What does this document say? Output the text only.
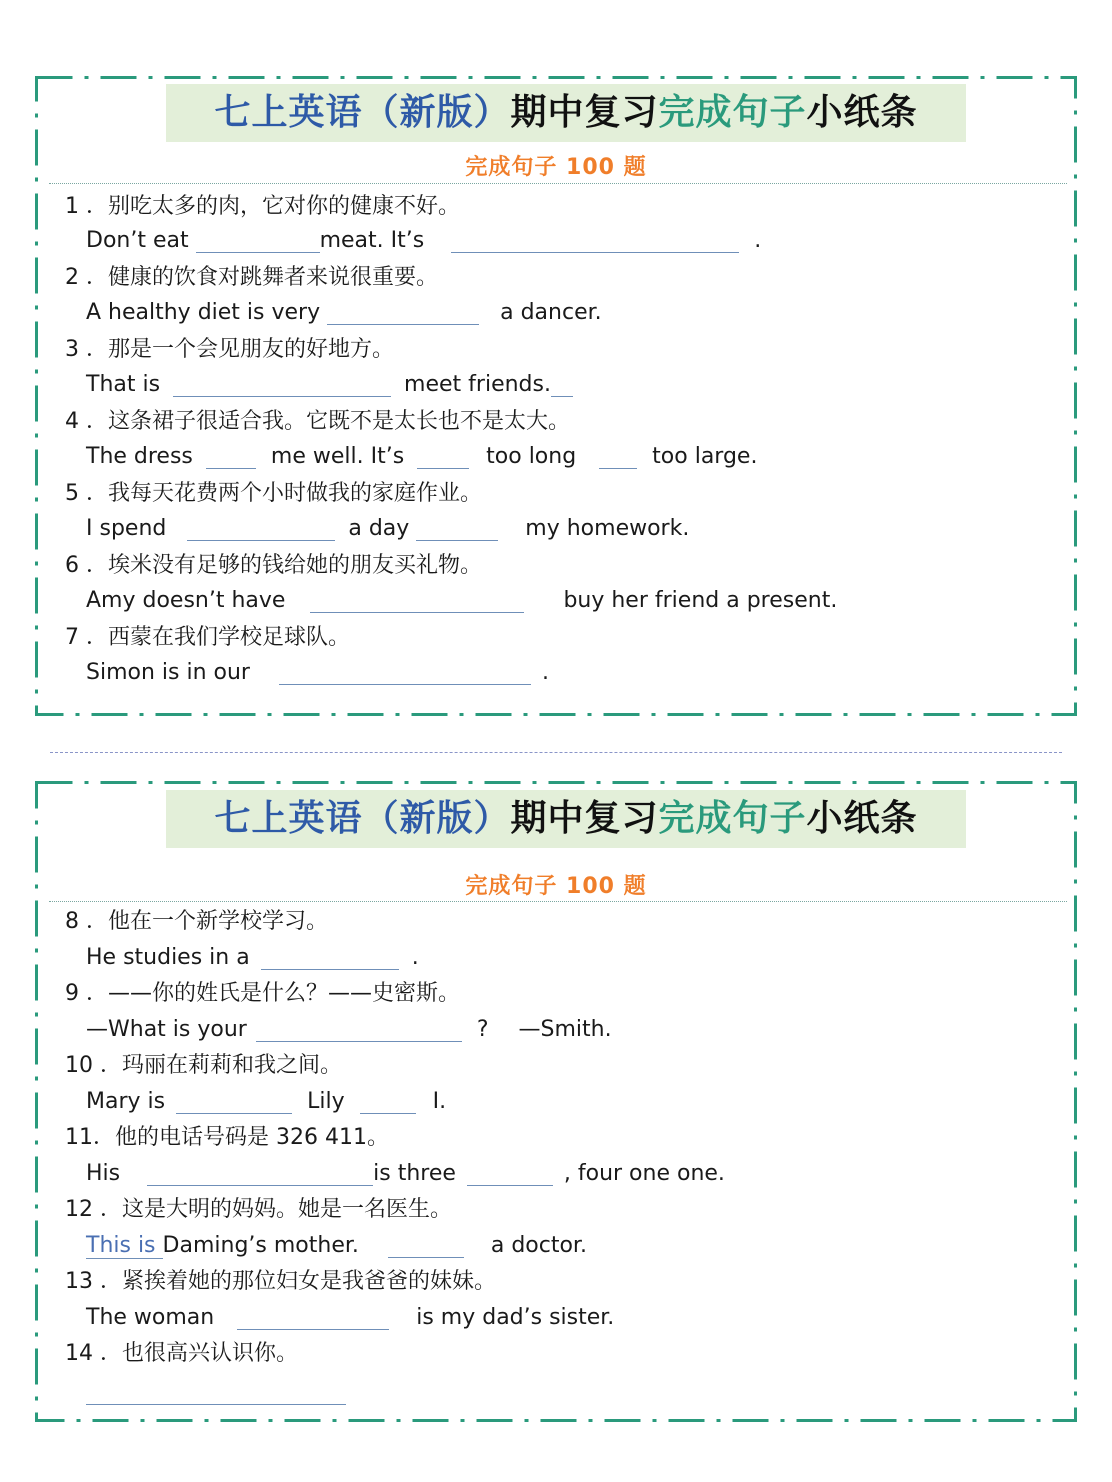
七上英语（新版）期中复习完成句子小纸条
完成句子 100 题
1 ．别吃太多的肉，它对你的健康不好。
Don’t eat	meat. It’s	.
2 ．健康的饮食对跳舞者来说很重要。
A healthy diet is very	a dancer.
3 ．那是一个会见朋友的好地方。
That is	meet friends.
4 ．这条裙子很适合我。它既不是太长也不是太大。
The dress	me well. It’s	too long	too large.
5 ．我每天花费两个小时做我的家庭作业。
I spend	a day	my homework.
6 ．埃米没有足够的钱给她的朋友买礼物。
Amy doesn’t have	buy her friend a present.
7 ．西蒙在我们学校足球队。
Simon is in our	.
七上英语（新版）期中复习完成句子小纸条
完成句子 100 题
8 ．他在一个新学校学习。
He studies in a	.
9 ．——你的姓氏是什么？——史密斯。
—What is your	? —Smith.
10 ．玛丽在莉莉和我之间。
Mary is	Lily	I.
11．他的电话号码是 326 411。
His	is three	, four one one.
12 ．这是大明的妈妈。她是一名医生。
This is Daming’s mother.	a doctor.
13 ．紧挨着她的那位妇女是我爸爸的妹妹。
The woman	is my dad’s sister.
14 ．也很高兴认识你。
